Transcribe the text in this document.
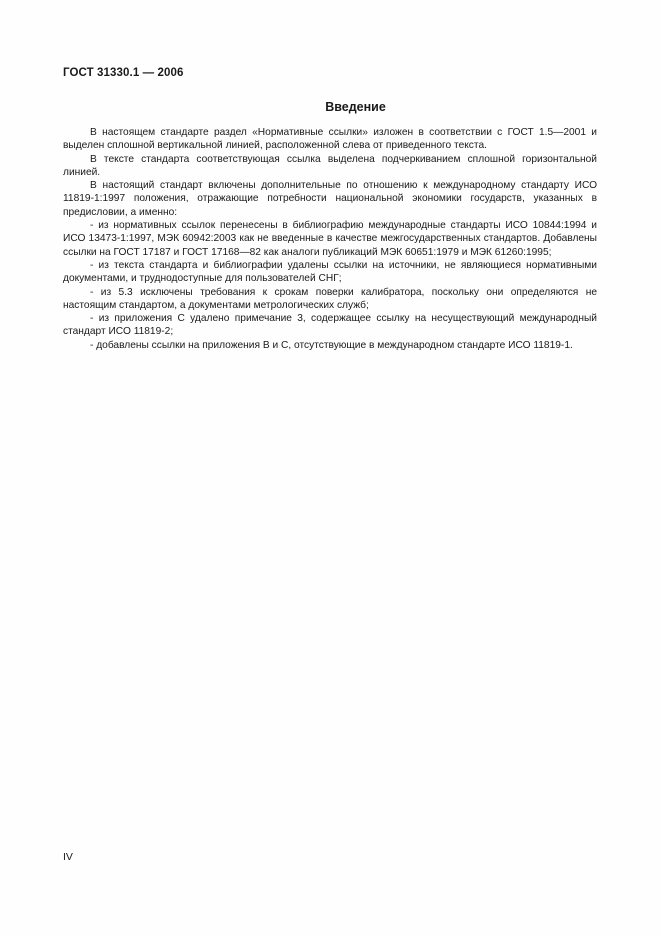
ГОСТ 31330.1 — 2006
Введение

В настоящем стандарте раздел «Нормативные ссылки» изложен в соответствии с ГОСТ 1.5—2001 и выделен сплошной вертикальной линией, расположенной слева от приведенного текста.

В тексте стандарта соответствующая ссылка выделена подчеркиванием сплошной горизонтальной линией.

В настоящий стандарт включены дополнительные по отношению к международному стандарту ИСО 11819-1:1997 положения, отражающие потребности национальной экономики государств, указанных в предисловии, а именно:

- из нормативных ссылок перенесены в библиографию международные стандарты ИСО 10844:1994 и ИСО 13473-1:1997, МЭК 60942:2003 как не введенные в качестве межгосударственных стандартов. Добавлены ссылки на ГОСТ 17187 и ГОСТ 17168—82 как аналоги публикаций МЭК 60651:1979 и МЭК 61260:1995;

- из текста стандарта и библиографии удалены ссылки на источники, не являющиеся нормативными документами, и труднодоступные для пользователей СНГ;

- из 5.3 исключены требования к срокам поверки калибратора, поскольку они определяются не настоящим стандартом, а документами метрологических служб;

- из приложения С удалено примечание 3, содержащее ссылку на несуществующий международный стандарт ИСО 11819-2;

- добавлены ссылки на приложения В и С, отсутствующие в международном стандарте ИСО 11819-1.

IV
